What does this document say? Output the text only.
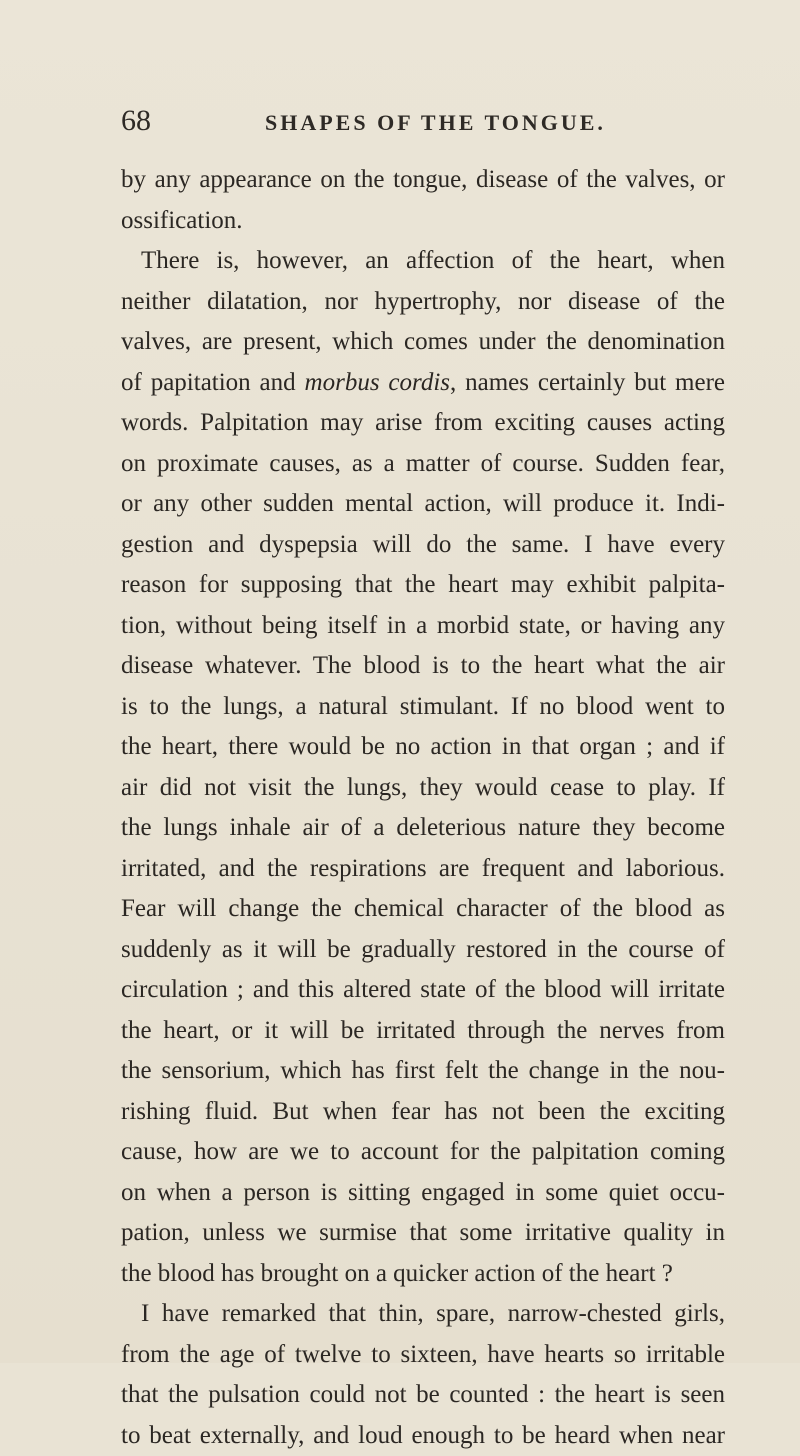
68	SHAPES OF THE TONGUE.
by any appearance on the tongue, disease of the valves, or
ossification.
There is, however, an affection of the heart, when
neither dilatation, nor hypertrophy, nor disease of the
valves, are present, which comes under the denomination
of papitation and morbus cordis, names certainly but mere
words. Palpitation may arise from exciting causes acting
on proximate causes, as a matter of course. Sudden fear,
or any other sudden mental action, will produce it. Indi-
gestion and dyspepsia will do the same. I have every
reason for supposing that the heart may exhibit palpita-
tion, without being itself in a morbid state, or having any
disease whatever. The blood is to the heart what the air
is to the lungs, a natural stimulant. If no blood went to
the heart, there would be no action in that organ ; and if
air did not visit the lungs, they would cease to play. If
the lungs inhale air of a deleterious nature they become
irritated, and the respirations are frequent and laborious.
Fear will change the chemical character of the blood as
suddenly as it will be gradually restored in the course of
circulation ; and this altered state of the blood will irritate
the heart, or it will be irritated through the nerves from
the sensorium, which has first felt the change in the nou-
rishing fluid. But when fear has not been the exciting
cause, how are we to account for the palpitation coming
on when a person is sitting engaged in some quiet occu-
pation, unless we surmise that some irritative quality in
the blood has brought on a quicker action of the heart ?
I have remarked that thin, spare, narrow-chested girls,
from the age of twelve to sixteen, have hearts so irritable
that the pulsation could not be counted : the heart is seen
to beat externally, and loud enough to be heard when near
